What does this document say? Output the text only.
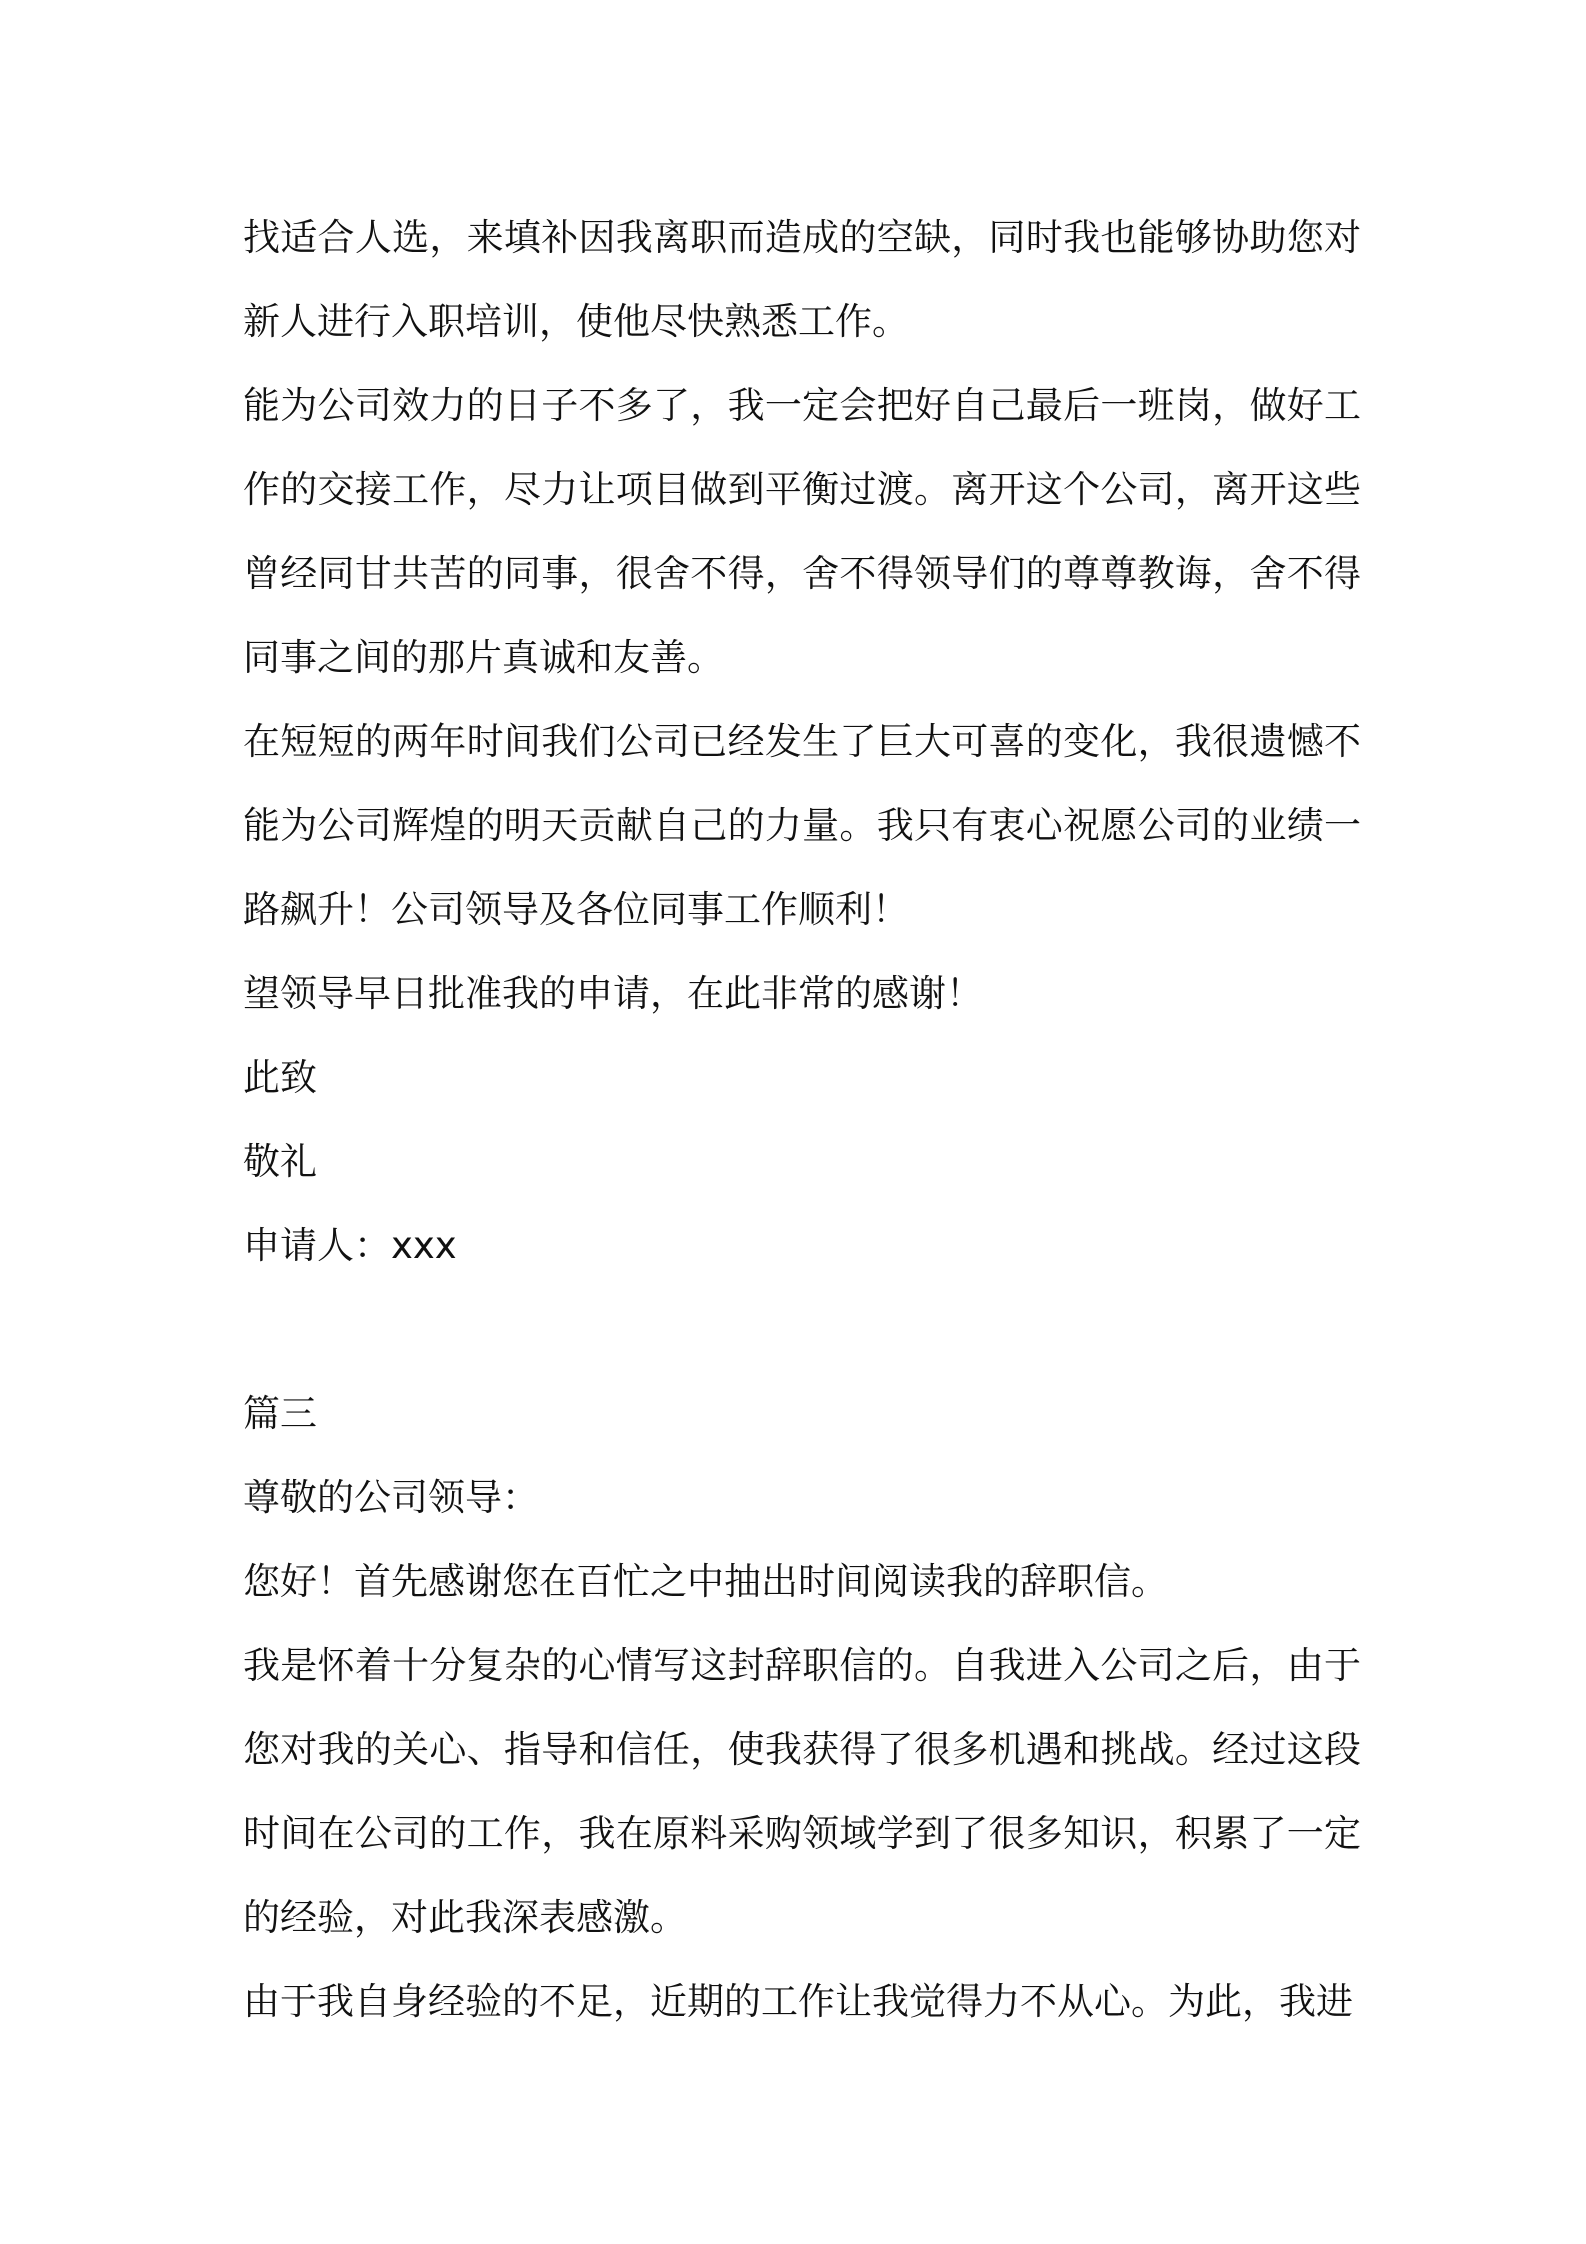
找适合人选，来填补因我离职而造成的空缺，同时我也能够协助您对新人进行入职培训，使他尽快熟悉工作。

能为公司效力的日子不多了，我一定会把好自己最后一班岗，做好工作的交接工作，尽力让项目做到平衡过渡。离开这个公司，离开这些曾经同甘共苦的同事，很舍不得，舍不得领导们的尊尊教诲，舍不得同事之间的那片真诚和友善。

在短短的两年时间我们公司已经发生了巨大可喜的变化，我很遗憾不能为公司辉煌的明天贡献自己的力量。我只有衷心祝愿公司的业绩一路飙升！公司领导及各位同事工作顺利！

望领导早日批准我的申请，在此非常的感谢！

此致

敬礼

申请人：xxx

篇三

尊敬的公司领导：

您好！首先感谢您在百忙之中抽出时间阅读我的辞职信。

我是怀着十分复杂的心情写这封辞职信的。自我进入公司之后，由于您对我的关心、指导和信任，使我获得了很多机遇和挑战。经过这段时间在公司的工作，我在原料采购领域学到了很多知识，积累了一定的经验，对此我深表感激。

由于我自身经验的不足，近期的工作让我觉得力不从心。为此，我进
